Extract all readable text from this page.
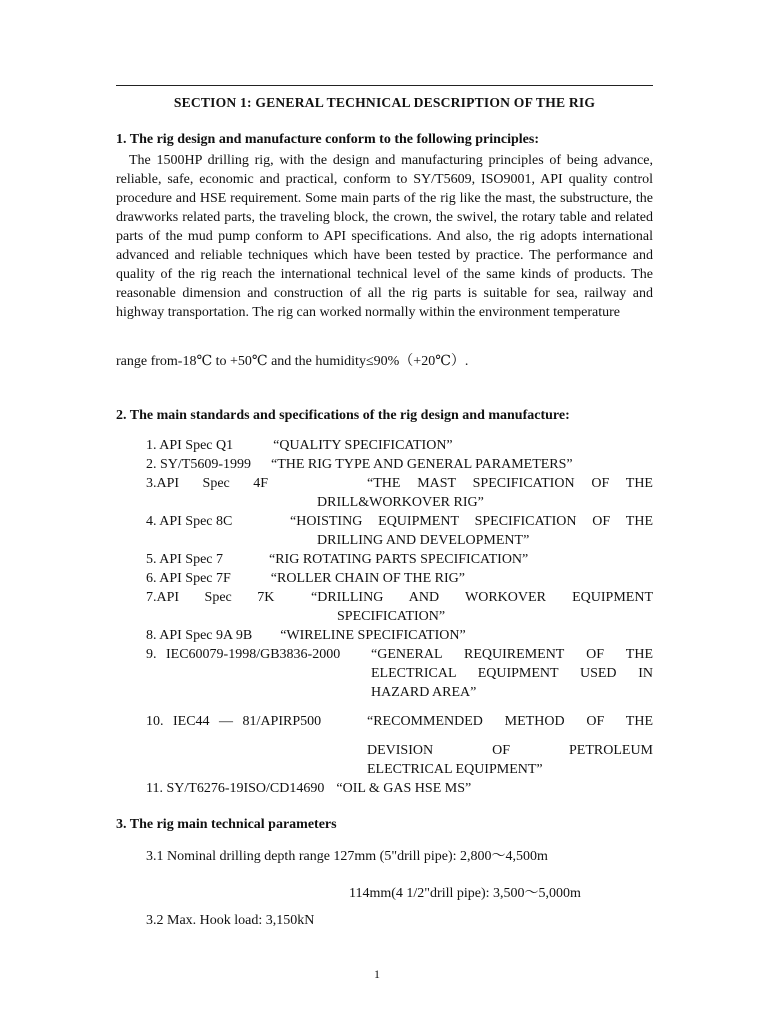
SECTION 1: GENERAL TECHNICAL DESCRIPTION OF THE RIG
1. The rig design and manufacture conform to the following principles:
The 1500HP drilling rig, with the design and manufacturing principles of being advance, reliable, safe, economic and practical, conform to SY/T5609, ISO9001, API quality control procedure and HSE requirement. Some main parts of the rig like the mast, the substructure, the drawworks related parts, the traveling block, the crown, the swivel, the rotary table and related parts of the mud pump conform to API specifications. And also, the rig adopts international advanced and reliable techniques which have been tested by practice. The performance and quality of the rig reach the international technical level of the same kinds of products. The reasonable dimension and construction of all the rig parts is suitable for sea, railway and highway transportation. The rig can worked normally within the environment temperature
range from-18℃ to +50℃ and the humidity≤90%（+20℃）.
2. The main standards and specifications of the rig design and manufacture:
1. API Spec Q1	“QUALITY SPECIFICATION”
2. SY/T5609-1999 “THE RIG TYPE AND GENERAL PARAMETERS”
3.API Spec 4F	“THE MAST SPECIFICATION OF THE
DRILL&WORKOVER RIG”
4. API Spec 8C	“HOISTING EQUIPMENT SPECIFICATION OF THE
DRILLING AND DEVELOPMENT”
5. API Spec 7	“RIG ROTATING PARTS SPECIFICATION”
6. API Spec 7F	“ROLLER CHAIN OF THE RIG”
7.API Spec 7K	“DRILLING AND WORKOVER EQUIPMENT
SPECIFICATION”
8. API Spec 9A 9B “WIRELINE SPECIFICATION”
9. IEC60079-1998/GB3836-2000	“GENERAL REQUIREMENT OF THE
ELECTRICAL EQUIPMENT USED IN
HAZARD AREA”
10. IEC44 — 81/APIRP500	“RECOMMENDED METHOD OF THE
DEVISION OF PETROLEUM
ELECTRICAL EQUIPMENT”
11. SY/T6276-19ISO/CD14690 “OIL & GAS HSE MS”
3. The rig main technical parameters
3.1 Nominal drilling depth range 127mm (5"drill pipe): 2,800～4,500m
114mm(4 1/2"drill pipe): 3,500～5,000m
3.2 Max. Hook load: 3,150kN
1
